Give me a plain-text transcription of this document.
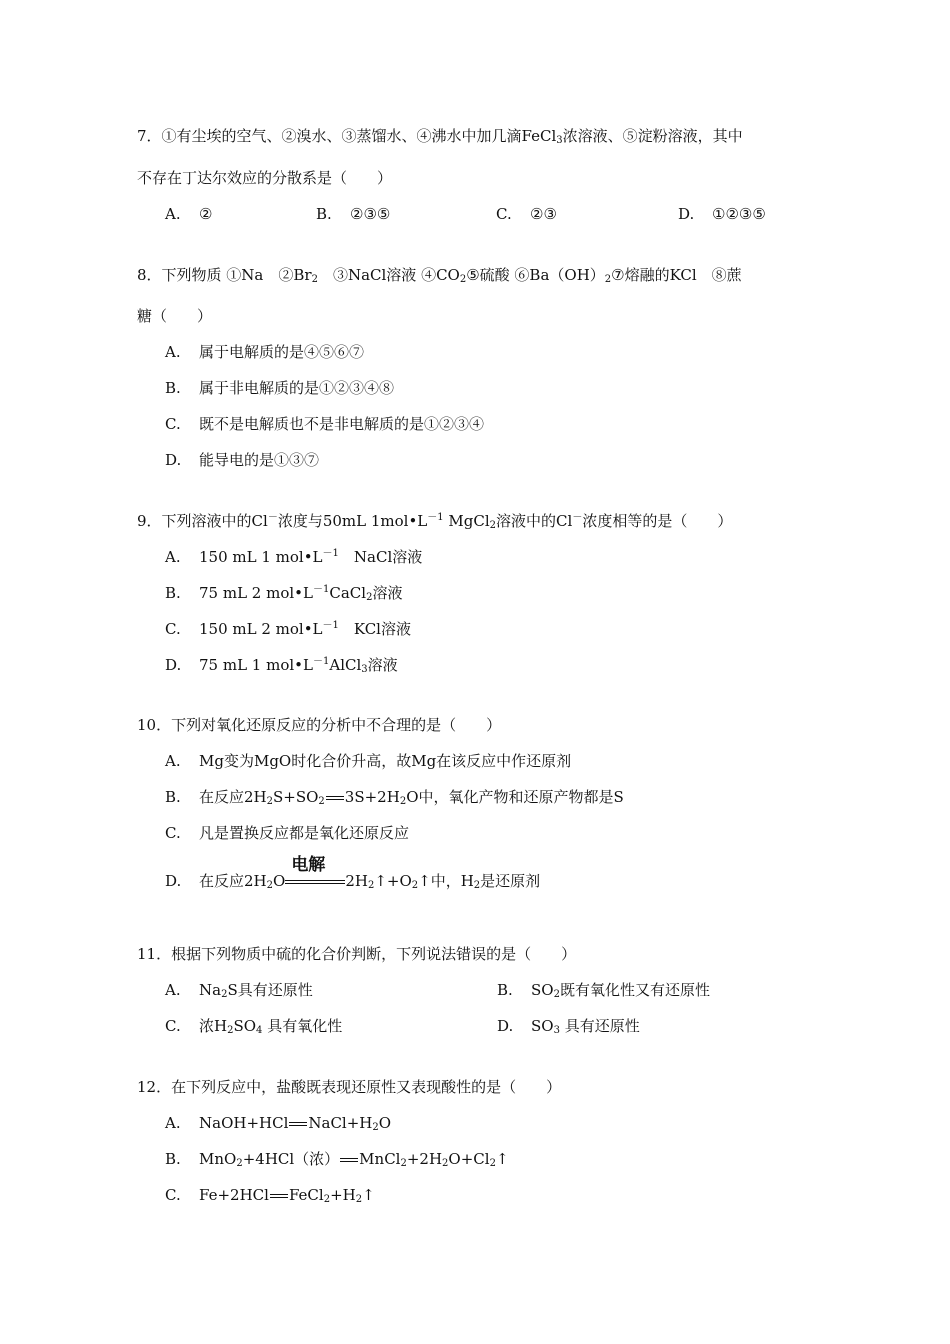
7．①有尘埃的空气、②溴水、③蒸馏水、④沸水中加几滴FeCl$_3$浓溶液、⑤淀粉溶液，其中
不存在丁达尔效应的分散系是（　　）
A. ②	B. ②③⑤	C. ②③	D. ①②③⑤
8．下列物质 ①Na　$②Br_2$　③NaCl溶液 $④CO_2⑤$硫酸 $⑥Ba(OH)_2⑦$熔融的KCl　⑧蔗
糖（　　）
A. 属于电解质的是④⑤⑥⑦
B. 属于非电解质的是①②③④⑧
C. 既不是电解质也不是非电解质的是①②③④
D. 能导电的是①③⑦
9．下列溶液中的Cl－浓度与50mL $1mol•L^{-1}$ MgCl$_2$溶液中的Cl－浓度相等的是（　　）
A. 150 mL 1 $mol•L^{-1}$　NaCl溶液
B. 75 mL 2 $mol•L^{-1}CaCl_2$溶液
C. 150 mL 2 $mol•L^{-1}$　KCl溶液
D. 75 mL 1 $mol•L^{-1}AlCl_3$溶液
10．下列对氧化还原反应的分析中不合理的是（　　）
A. Mg变为MgO时化合价升高，故Mg在该反应中作还原剂
B. 在反应$2H_2S+SO_2$ $3S+2H_2O$中，氧化产物和还原产物都是S
C. 凡是置换反应都是氧化还原反应
D. 在反应$2H_2O$
电解
$2H_2↑+O_2↑$中，$H_2$是还原剂
11．根据下列物质中硫的化合价判断，下列说法错误的是（　　）
A. $Na_2S$具有还原性	B. $SO_2$既有氧化性又有还原性
C. 浓$H_2SO_4$ 具有氧化性	D. $SO_3$ 具有还原性
12．在下列反应中，盐酸既表现还原性又表现酸性的是（　　）
A. NaOH+HCl $NaCl+H_2O$
B. MnO$_2$+4HCl（浓） $MnCl_2+2H_2O+Cl_2↑$
C. Fe+2HCl $FeCl_2+H_2↑$
